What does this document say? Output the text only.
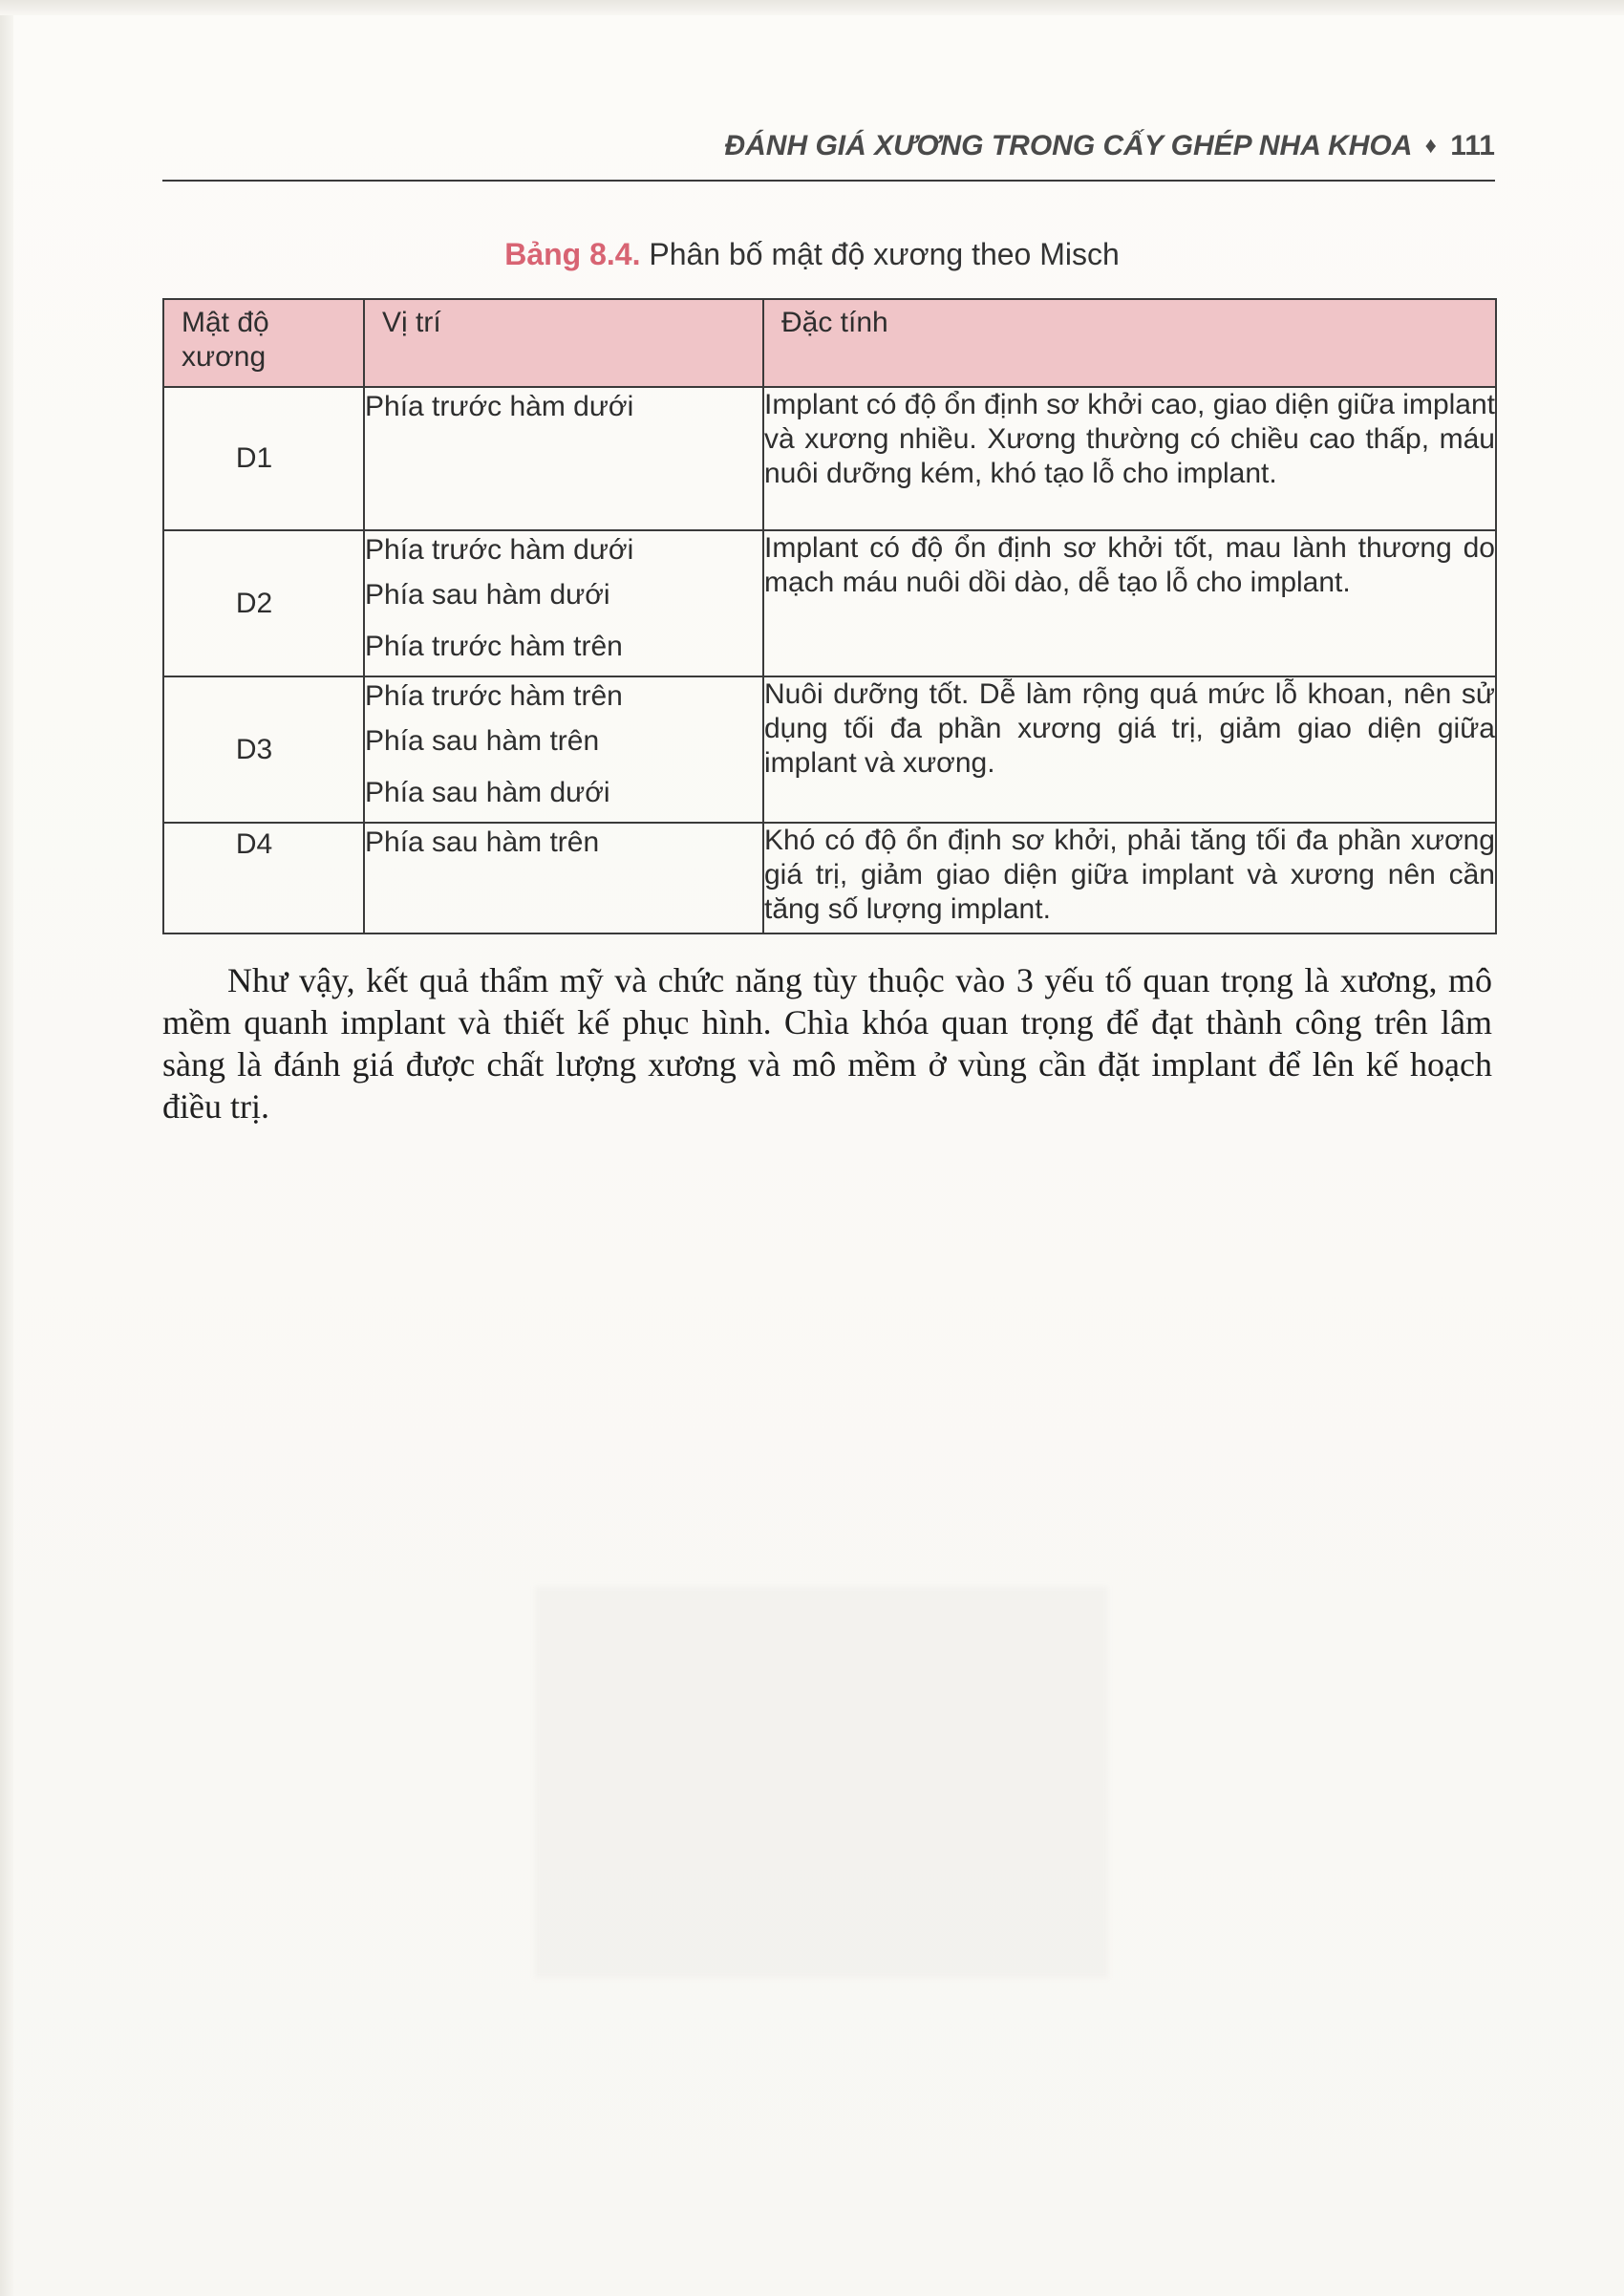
ĐÁNH GIÁ XƯƠNG TRONG CẤY GHÉP NHA KHOA ♦ 111
Bảng 8.4. Phân bố mật độ xương theo Misch
Mật độ xương	Vị trí	Đặc tính
D1	Phía trước hàm dưới	Implant có độ ổn định sơ khởi cao, giao diện giữa implant và xương nhiều. Xương thường có chiều cao thấp, máu nuôi dưỡng kém, khó tạo lỗ cho implant.
D2	Phía trước hàm dưới
Phía sau hàm dưới
Phía trước hàm trên	Implant có độ ổn định sơ khởi tốt, mau lành thương do mạch máu nuôi dồi dào, dễ tạo lỗ cho implant.
D3	Phía trước hàm trên
Phía sau hàm trên
Phía sau hàm dưới	Nuôi dưỡng tốt. Dễ làm rộng quá mức lỗ khoan, nên sử dụng tối đa phần xương giá trị, giảm giao diện giữa implant và xương.
D4	Phía sau hàm trên	Khó có độ ổn định sơ khởi, phải tăng tối đa phần xương giá trị, giảm giao diện giữa implant và xương nên cần tăng số lượng implant.
Như vậy, kết quả thẩm mỹ và chức năng tùy thuộc vào 3 yếu tố quan trọng là xương, mô mềm quanh implant và thiết kế phục hình. Chìa khóa quan trọng để đạt thành công trên lâm sàng là đánh giá được chất lượng xương và mô mềm ở vùng cần đặt implant để lên kế hoạch điều trị.
